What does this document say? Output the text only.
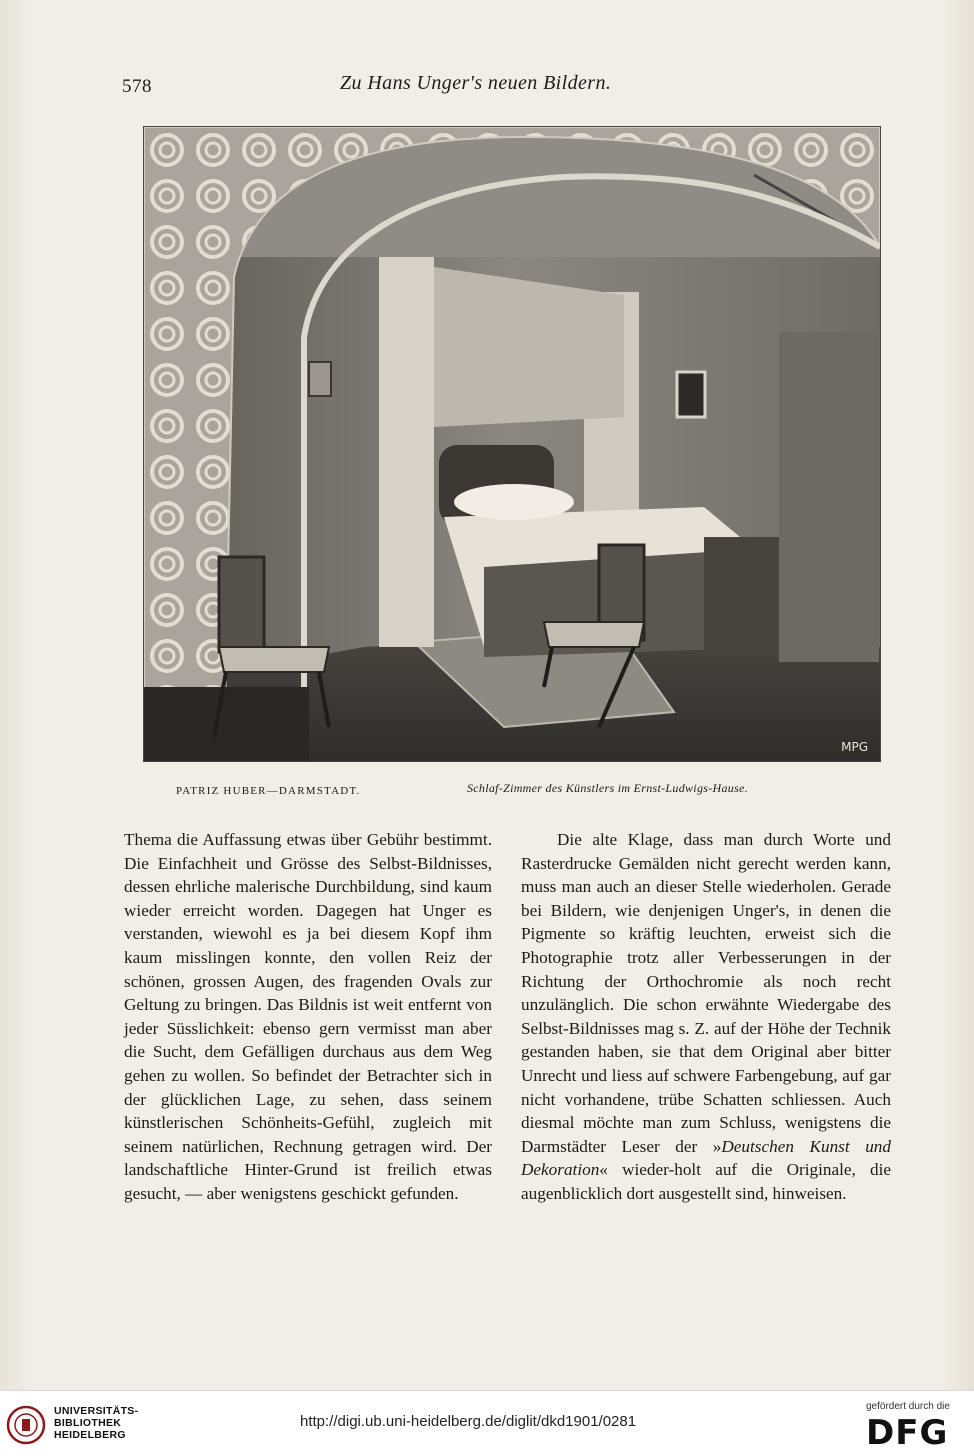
578	Zu Hans Unger's neuen Bildern.
MPG
PATRIZ HUBER—DARMSTADT.	Schlaf-Zimmer des Künstlers im Ernst-Ludwigs-Hause.

Thema die Auffassung etwas über Gebühr bestimmt. Die Einfachheit und Grösse des Selbst-Bildnisses, dessen ehrliche malerische Durchbildung, sind kaum wieder erreicht worden. Dagegen hat Unger es verstanden, wiewohl es ja bei diesem Kopf ihm kaum misslingen konnte, den vollen Reiz der schönen, grossen Augen, des fragenden Ovals zur Geltung zu bringen. Das Bildnis ist weit entfernt von jeder Süsslichkeit: ebenso gern vermisst man aber die Sucht, dem Gefälligen durchaus aus dem Weg gehen zu wollen. So befindet der Betrachter sich in der glücklichen Lage, zu sehen, dass seinem künstlerischen Schönheits-Gefühl, zugleich mit seinem natürlichen, Rechnung getragen wird. Der landschaftliche Hinter-Grund ist freilich etwas gesucht, — aber wenigstens geschickt gefunden.

Die alte Klage, dass man durch Worte und Rasterdrucke Gemälden nicht gerecht werden kann, muss man auch an dieser Stelle wiederholen. Gerade bei Bildern, wie denjenigen Unger's, in denen die Pigmente so kräftig leuchten, erweist sich die Photographie trotz aller Verbesserungen in der Richtung der Orthochromie als noch recht unzulänglich. Die schon erwähnte Wiedergabe des Selbst-Bildnisses mag s. Z. auf der Höhe der Technik gestanden haben, sie that dem Original aber bitter Unrecht und liess auf schwere Farbengebung, auf gar nicht vorhandene, trübe Schatten schliessen. Auch diesmal möchte man zum Schluss, wenigstens die Darmstädter Leser der »Deutschen Kunst und Dekoration« wieder-holt auf die Originale, die augenblicklich dort ausgestellt sind, hinweisen.

UNIVERSITÄTS-
BIBLIOTHEK
HEIDELBERG
http://digi.ub.uni-heidelberg.de/diglit/dkd1901/0281
gefördert durch die
DFG
